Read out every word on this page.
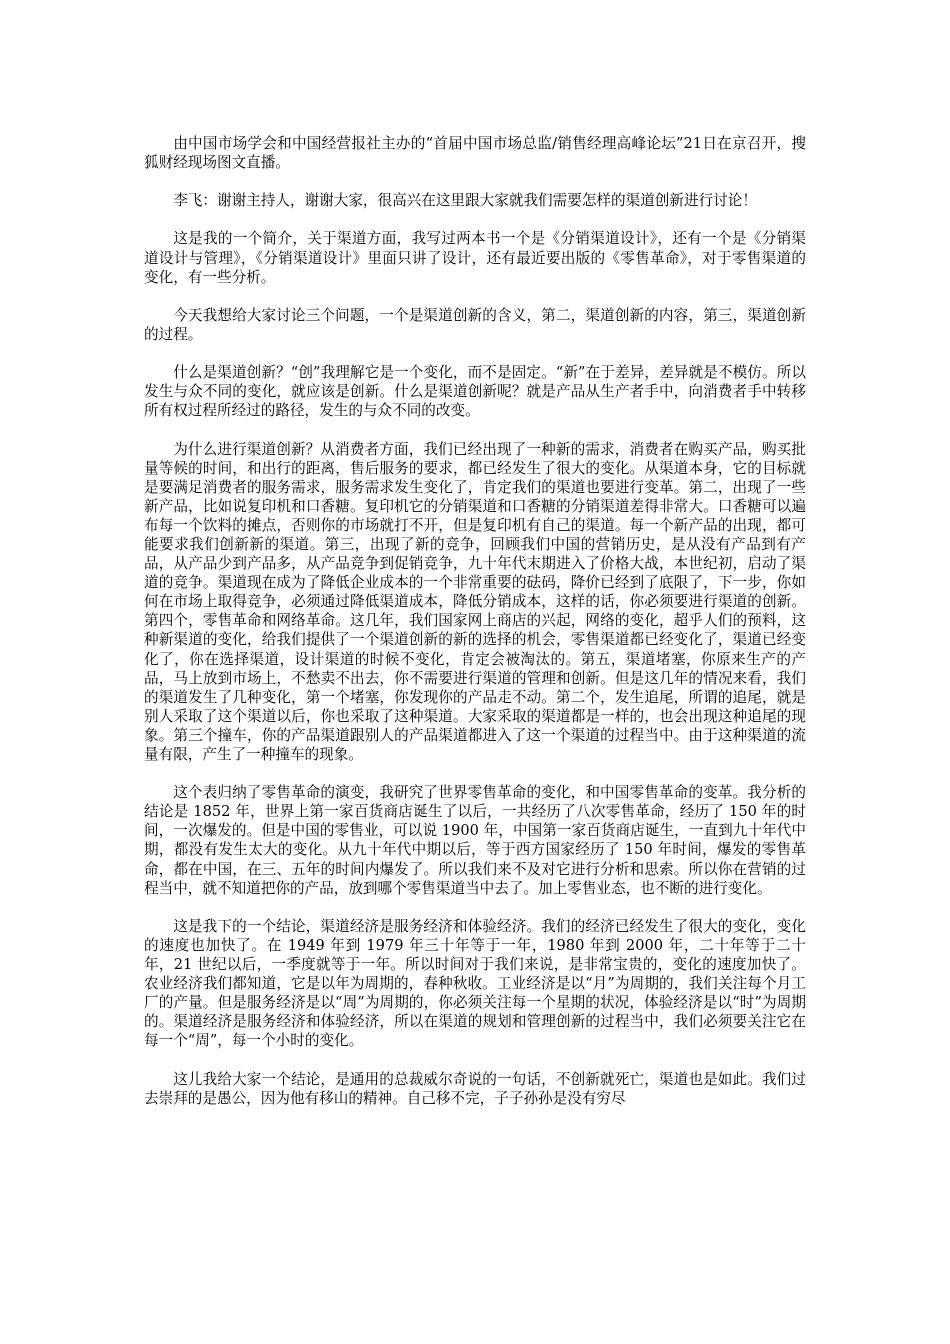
由中国市场学会和中国经营报社主办的“首届中国市场总监/销售经理高峰论坛”21日在京召开，搜狐财经现场图文直播。

李飞：谢谢主持人，谢谢大家，很高兴在这里跟大家就我们需要怎样的渠道创新进行讨论！

这是我的一个简介，关于渠道方面，我写过两本书一个是《分销渠道设计》，还有一个是《分销渠道设计与管理》，《分销渠道设计》里面只讲了设计，还有最近要出版的《零售革命》，对于零售渠道的变化，有一些分析。

今天我想给大家讨论三个问题，一个是渠道创新的含义，第二，渠道创新的内容，第三，渠道创新的过程。

什么是渠道创新？“创”我理解它是一个变化，而不是固定。“新”在于差异，差异就是不模仿。所以发生与众不同的变化，就应该是创新。什么是渠道创新呢？就是产品从生产者手中，向消费者手中转移所有权过程所经过的路径，发生的与众不同的改变。

为什么进行渠道创新？从消费者方面，我们已经出现了一种新的需求，消费者在购买产品，购买批量等候的时间，和出行的距离，售后服务的要求，都已经发生了很大的变化。从渠道本身，它的目标就是要满足消费者的服务需求，服务需求发生变化了，肯定我们的渠道也要进行变革。第二，出现了一些新产品，比如说复印机和口香糖。复印机它的分销渠道和口香糖的分销渠道差得非常大。口香糖可以遍布每一个饮料的摊点，否则你的市场就打不开，但是复印机有自己的渠道。每一个新产品的出现，都可能要求我们创新新的渠道。第三，出现了新的竞争，回顾我们中国的营销历史，是从没有产品到有产品，从产品少到产品多，从产品竞争到促销竞争，九十年代末期进入了价格大战，本世纪初，启动了渠道的竞争。渠道现在成为了降低企业成本的一个非常重要的砝码，降价已经到了底限了，下一步，你如何在市场上取得竞争，必须通过降低渠道成本，降低分销成本，这样的话，你必须要进行渠道的创新。第四个，零售革命和网络革命。这几年，我们国家网上商店的兴起，网络的变化，超乎人们的预料，这种新渠道的变化，给我们提供了一个渠道创新的新的选择的机会，零售渠道都已经变化了，渠道已经变化了，你在选择渠道，设计渠道的时候不变化，肯定会被淘汰的。第五，渠道堵塞，你原来生产的产品，马上放到市场上，不愁卖不出去，你不需要进行渠道的管理和创新。但是这几年的情况来看，我们的渠道发生了几种变化，第一个堵塞，你发现你的产品走不动。第二个，发生追尾，所谓的追尾，就是别人采取了这个渠道以后，你也采取了这种渠道。大家采取的渠道都是一样的，也会出现这种追尾的现象。第三个撞车，你的产品渠道跟别人的产品渠道都进入了这一个渠道的过程当中。由于这种渠道的流量有限，产生了一种撞车的现象。

这个表归纳了零售革命的演变，我研究了世界零售革命的变化，和中国零售革命的变革。我分析的结论是 1852 年，世界上第一家百货商店诞生了以后，一共经历了八次零售革命，经历了 150 年的时间，一次爆发的。但是中国的零售业，可以说 1900 年，中国第一家百货商店诞生，一直到九十年代中期，都没有发生太大的变化。从九十年代中期以后，等于西方国家经历了 150 年时间，爆发的零售革命，都在中国，在三、五年的时间内爆发了。所以我们来不及对它进行分析和思索。所以你在营销的过程当中，就不知道把你的产品，放到哪个零售渠道当中去了。加上零售业态，也不断的进行变化。

这是我下的一个结论，渠道经济是服务经济和体验经济。我们的经济已经发生了很大的变化，变化的速度也加快了。在 1949 年到 1979 年三十年等于一年，1980 年到 2000 年，二十年等于二十年，21 世纪以后，一季度就等于一年。所以时间对于我们来说，是非常宝贵的，变化的速度加快了。农业经济我们都知道，它是以年为周期的，春种秋收。工业经济是以“月”为周期的，我们关注每个月工厂的产量。但是服务经济是以“周”为周期的，你必须关注每一个星期的状况，体验经济是以“时”为周期的。渠道经济是服务经济和体验经济，所以在渠道的规划和管理创新的过程当中，我们必须要关注它在每一个“周”，每一个小时的变化。

这儿我给大家一个结论，是通用的总裁威尔奇说的一句话，不创新就死亡，渠道也是如此。我们过去崇拜的是愚公，因为他有移山的精神。自己移不完，子子孙孙是没有穷尽
